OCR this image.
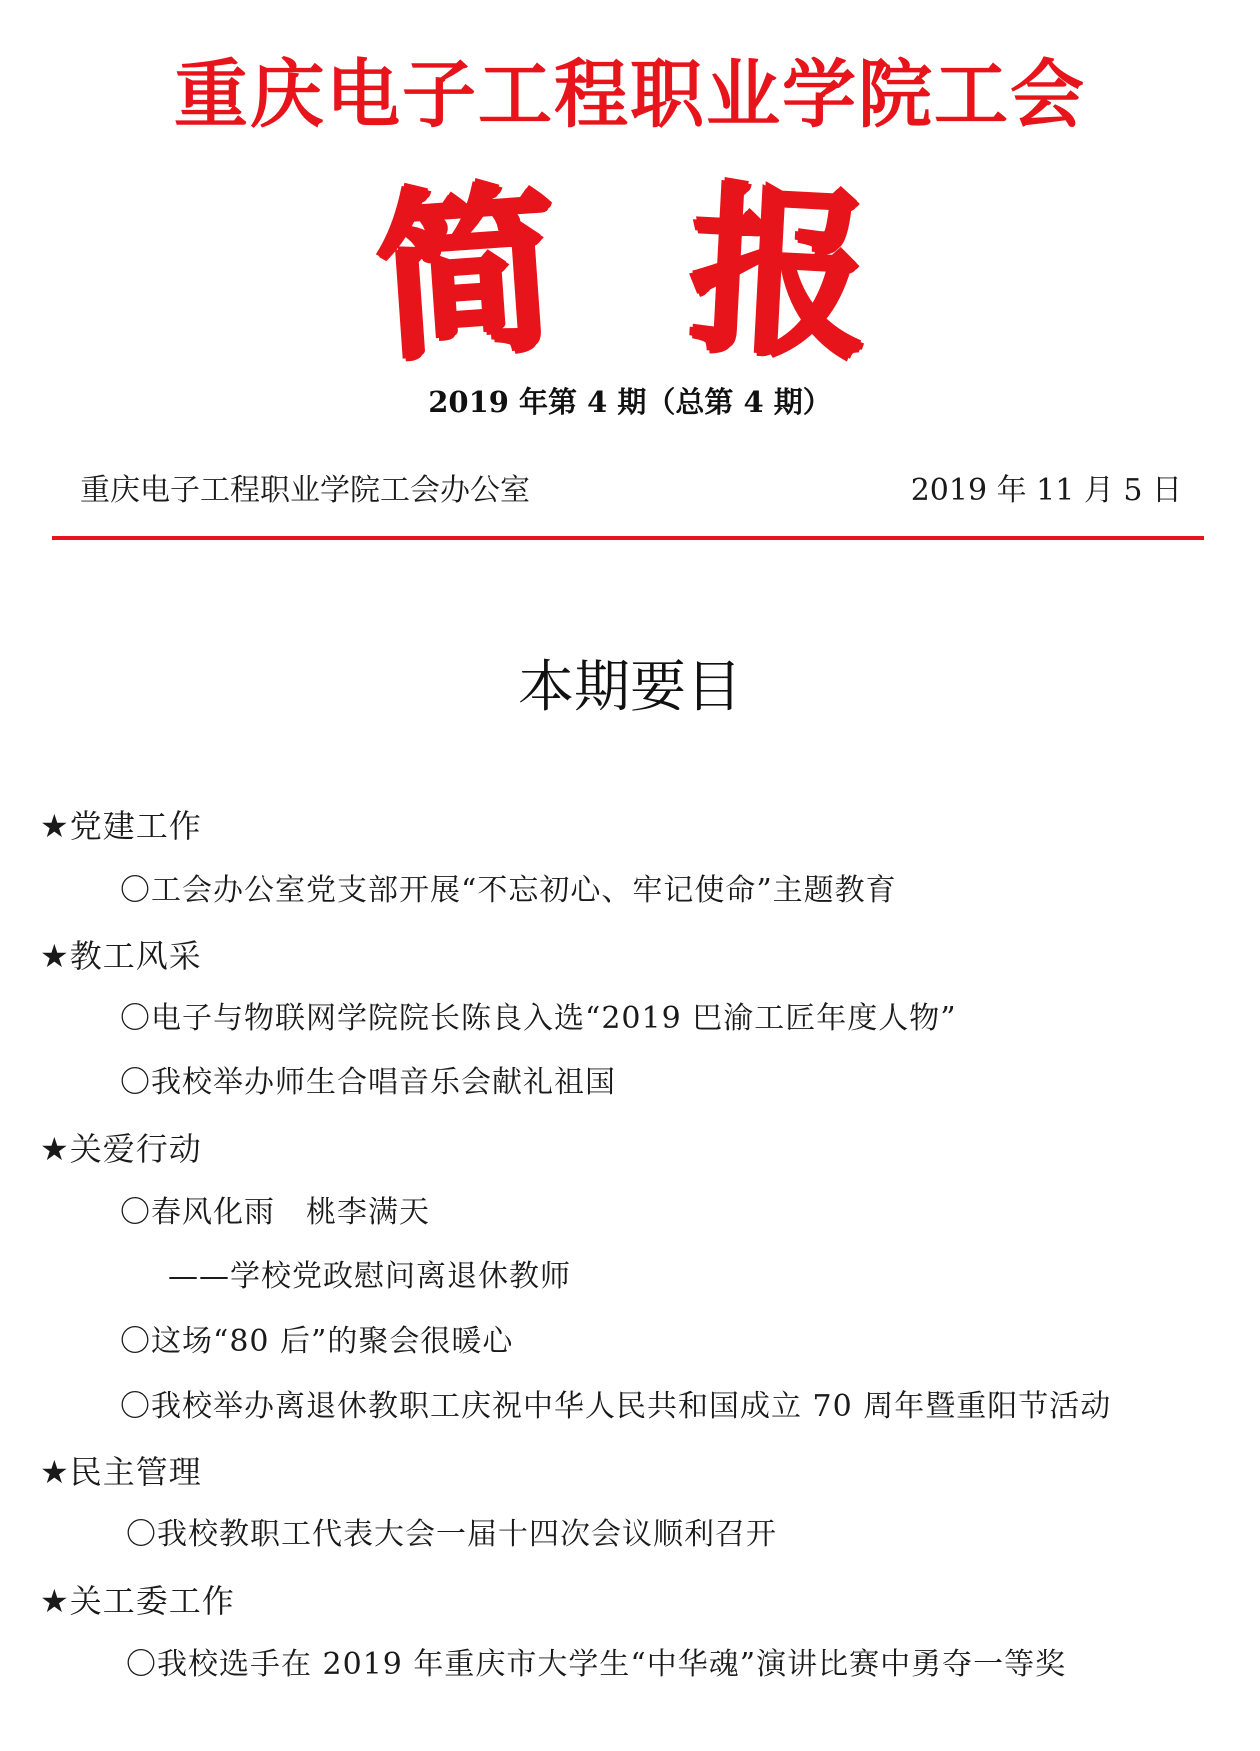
重庆电子工程职业学院工会
简 报
2019 年第 4 期（总第 4 期）
重庆电子工程职业学院工会办公室	2019 年 11 月 5 日
本期要目
★党建工作
〇工会办公室党支部开展“不忘初心、牢记使命”主题教育
★教工风采
〇电子与物联网学院院长陈良入选“2019 巴渝工匠年度人物”
〇我校举办师生合唱音乐会献礼祖国
★关爱行动
〇春风化雨　桃李满天
——学校党政慰问离退休教师
〇这场“80 后”的聚会很暖心
〇我校举办离退休教职工庆祝中华人民共和国成立 70 周年暨重阳节活动
★民主管理
〇我校教职工代表大会一届十四次会议顺利召开
★关工委工作
〇我校选手在 2019 年重庆市大学生“中华魂”演讲比赛中勇夺一等奖
